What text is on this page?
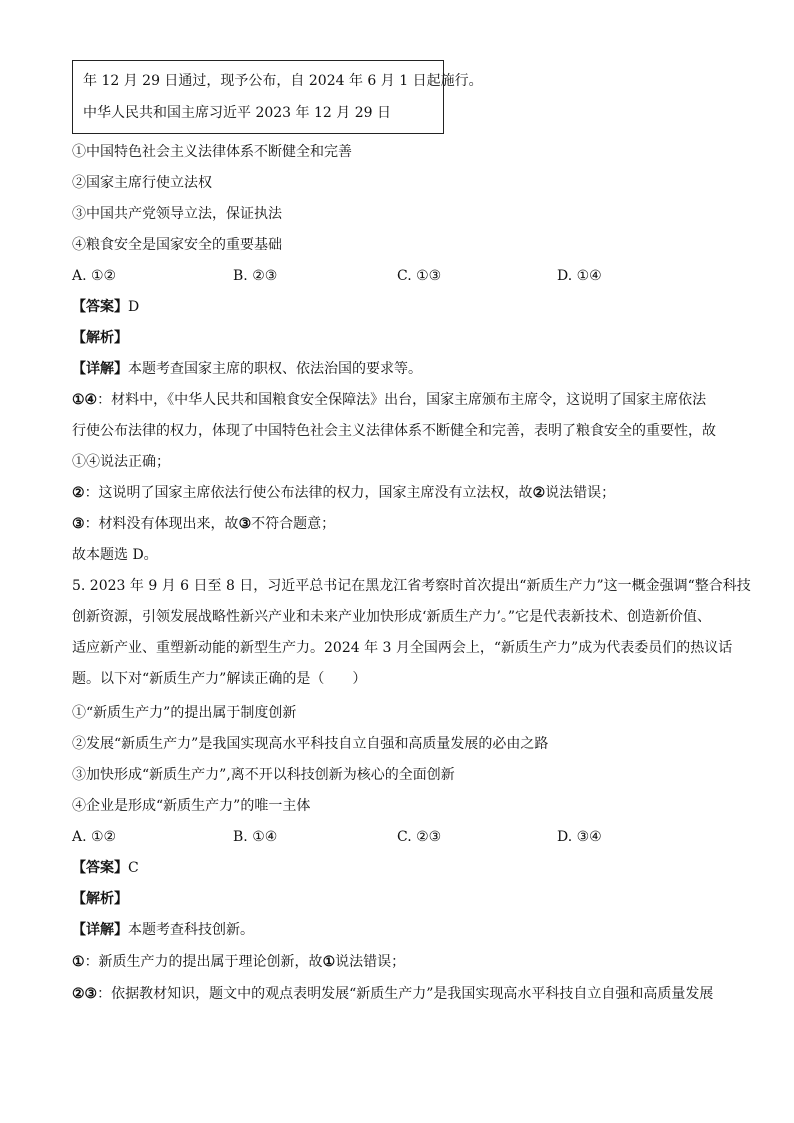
年 12 月 29 日通过，现予公布，自 2024 年 6 月 1 日起施行。
中华人民共和国主席习近平 2023 年 12 月 29 日
①中国特色社会主义法律体系不断健全和完善
②国家主席行使立法权
③中国共产党领导立法，保证执法
④粮食安全是国家安全的重要基础
A. ①②	B. ②③	C. ①③	D. ①④
【答案】D
【解析】
【详解】本题考查国家主席的职权、依法治国的要求等。
①④：材料中，《中华人民共和国粮食安全保障法》出台，国家主席颁布主席令，这说明了国家主席依法
行使公布法律的权力，体现了中国特色社会主义法律体系不断健全和完善，表明了粮食安全的重要性，故
①④说法正确；
②：这说明了国家主席依法行使公布法律的权力，国家主席没有立法权，故②说法错误；
③：材料没有体现出来，故③不符合题意；
故本题选 D。
5. 2023 年 9 月 6 日至 8 日，习近平总书记在黑龙江省考察时首次提出“新质生产力”这一概金强调“整合科技
创新资源，引领发展战略性新兴产业和未来产业加快形成‘新质生产力’。”它是代表新技术、创造新价值、
适应新产业、重塑新动能的新型生产力。2024 年 3 月全国两会上，“新质生产力”成为代表委员们的热议话
题。以下对“新质生产力”解读正确的是（　　）
①“新质生产力”的提出属于制度创新
②发展“新质生产力”是我国实现高水平科技自立自强和高质量发展的必由之路
③加快形成“新质生产力”,离不开以科技创新为核心的全面创新
④企业是形成“新质生产力”的唯一主体
A. ①②	B. ①④	C. ②③	D. ③④
【答案】C
【解析】
【详解】本题考查科技创新。
①：新质生产力的提出属于理论创新，故①说法错误；
②③：依据教材知识，题文中的观点表明发展“新质生产力”是我国实现高水平科技自立自强和高质量发展
